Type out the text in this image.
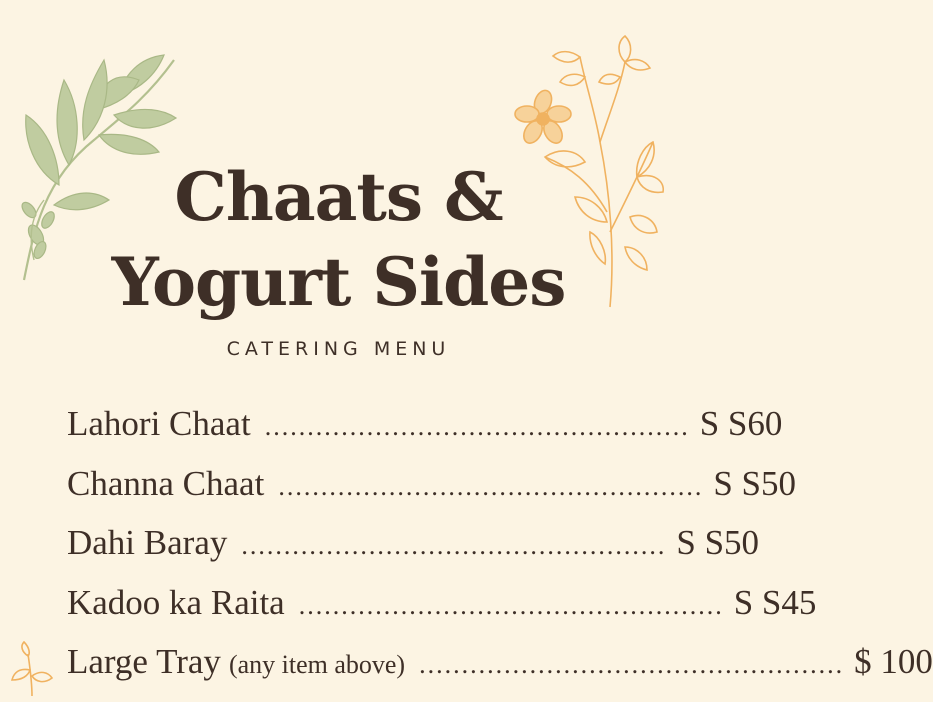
Chaats &
Yogurt Sides
CATERING MENU
Lahori Chaat .................................................. S S60
Channa Chaat .................................................. S S50
Dahi Baray .................................................. S S50
Kadoo ka Raita .................................................. S S45
Large Tray (any item above) .................................................. $ 100
